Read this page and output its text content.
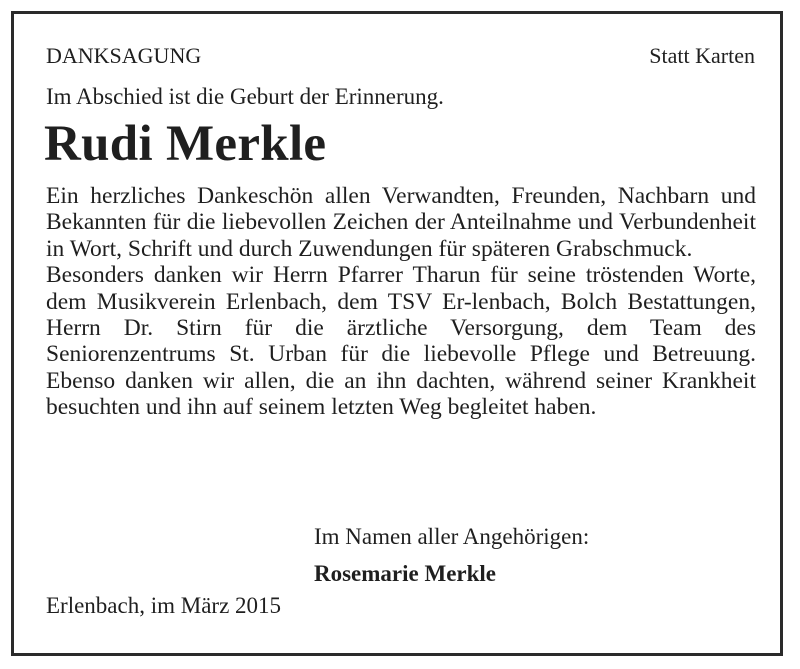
DANKSAGUNG	Statt Karten
Im Abschied ist die Geburt der Erinnerung.
Rudi Merkle

Ein herzliches Dankeschön allen Verwandten, Freunden, Nachbarn und Bekannten für die liebevollen Zeichen der Anteilnahme und Verbundenheit in Wort, Schrift und durch Zuwendungen für späteren Grabschmuck.

Besonders danken wir Herrn Pfarrer Tharun für seine tröstenden Worte, dem Musikverein Erlenbach, dem TSV Er-lenbach, Bolch Bestattungen, Herrn Dr. Stirn für die ärztliche Versorgung, dem Team des Seniorenzentrums St. Urban für die liebevolle Pflege und Betreuung. Ebenso danken wir allen, die an ihn dachten, während seiner Krankheit besuchten und ihn auf seinem letzten Weg begleitet haben.

Im Namen aller Angehörigen:
Rosemarie Merkle
Erlenbach, im März 2015
